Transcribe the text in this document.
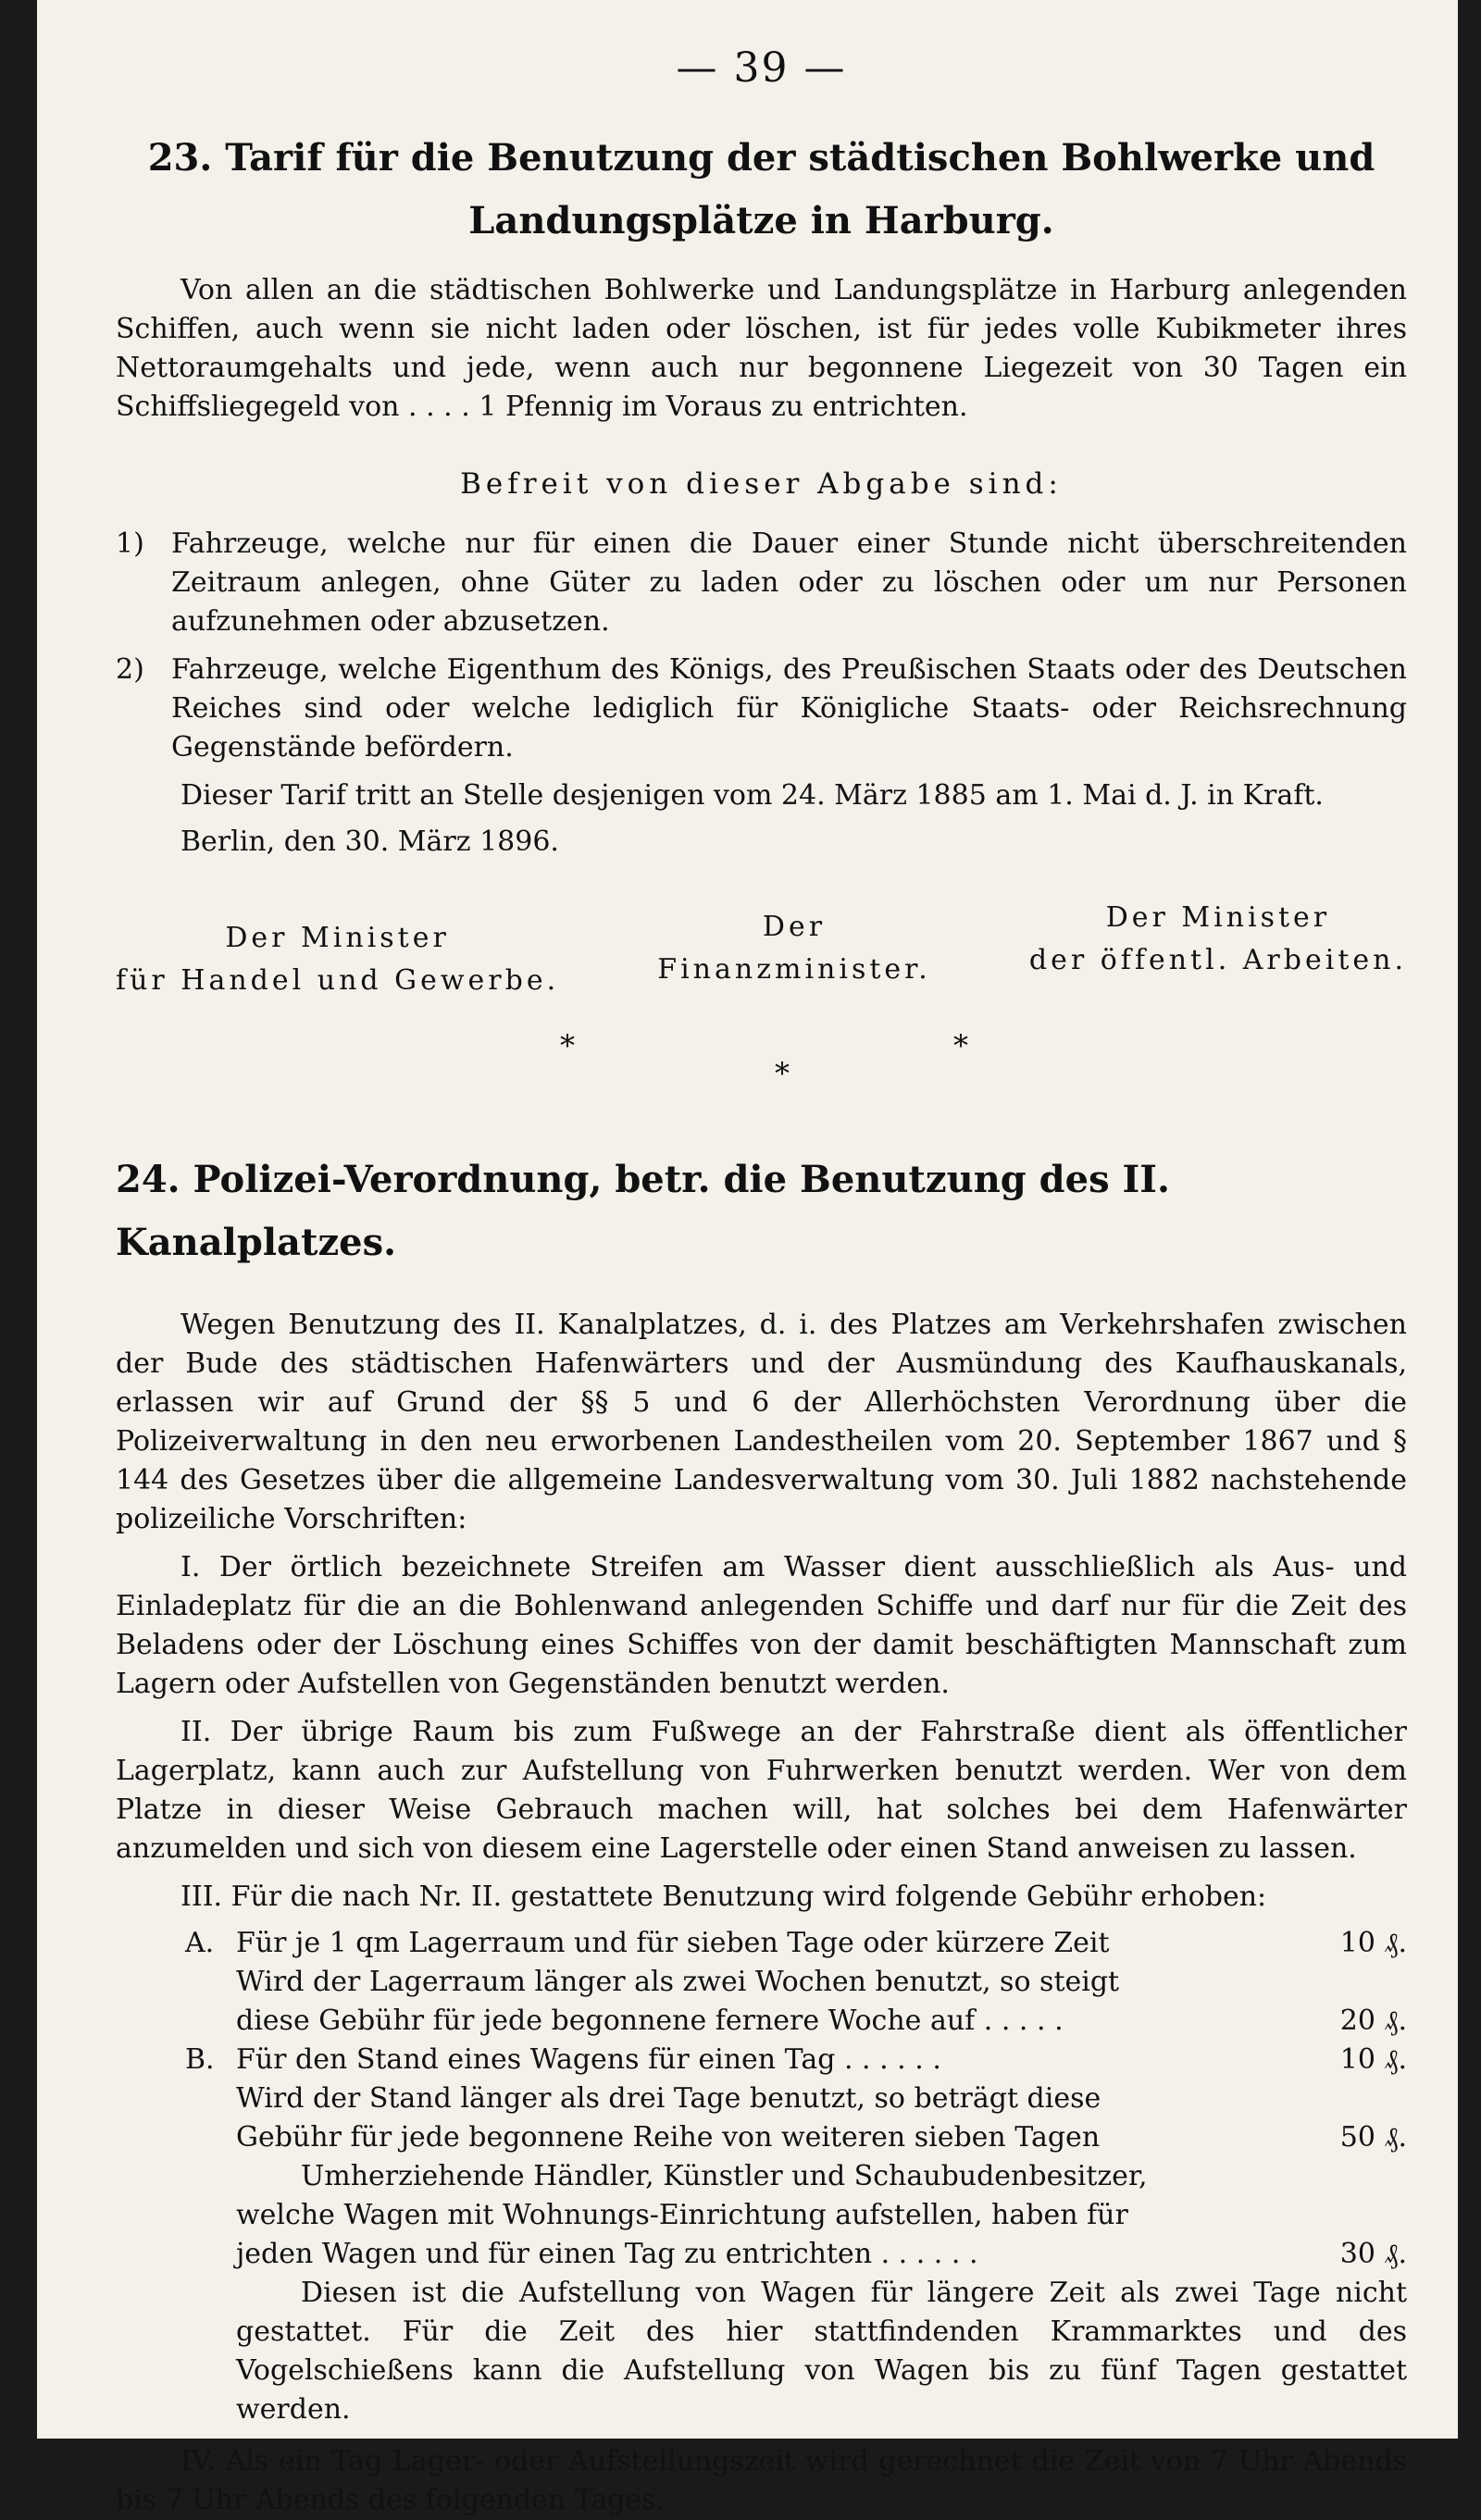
— 39 —
23. Tarif für die Benutzung der städtischen Bohlwerke und Landungsplätze in Harburg.

Von allen an die städtischen Bohlwerke und Landungsplätze in Harburg anlegenden Schiffen, auch wenn sie nicht laden oder löschen, ist für jedes volle Kubikmeter ihres Nettoraumgehalts und jede, wenn auch nur begonnene Liegezeit von 30 Tagen ein Schiffsliegegeld von . . . . 1 Pfennig im Voraus zu entrichten.

Befreit von dieser Abgabe sind:
1) Fahrzeuge, welche nur für einen die Dauer einer Stunde nicht überschreitenden Zeitraum anlegen, ohne Güter zu laden oder zu löschen oder um nur Personen aufzunehmen oder abzusetzen.

2) Fahrzeuge, welche Eigenthum des Königs, des Preußischen Staats oder des Deutschen Reiches sind oder welche lediglich für Königliche Staats- oder Reichsrechnung Gegenstände befördern.

Dieser Tarif tritt an Stelle desjenigen vom 24. März 1885 am 1. Mai d. J. in Kraft.

Berlin, den 30. März 1896.

Der Minister
für Handel und Gewerbe.
Der
Finanzminister.
Der Minister
der öffentl. Arbeiten.
*
*
*
24. Polizei-Verordnung, betr. die Benutzung des II. Kanalplatzes.

Wegen Benutzung des II. Kanalplatzes, d. i. des Platzes am Verkehrshafen zwischen der Bude des städtischen Hafenwärters und der Ausmündung des Kaufhauskanals, erlassen wir auf Grund der §§ 5 und 6 der Allerhöchsten Verordnung über die Polizeiverwaltung in den neu erworbenen Landestheilen vom 20. September 1867 und § 144 des Gesetzes über die allgemeine Landesverwaltung vom 30. Juli 1882 nachstehende polizeiliche Vorschriften:

I. Der örtlich bezeichnete Streifen am Wasser dient ausschließlich als Aus- und Einladeplatz für die an die Bohlenwand anlegenden Schiffe und darf nur für die Zeit des Beladens oder der Löschung eines Schiffes von der damit beschäftigten Mannschaft zum Lagern oder Aufstellen von Gegenständen benutzt werden.

II. Der übrige Raum bis zum Fußwege an der Fahrstraße dient als öffentlicher Lagerplatz, kann auch zur Aufstellung von Fuhrwerken benutzt werden. Wer von dem Platze in dieser Weise Gebrauch machen will, hat solches bei dem Hafenwärter anzumelden und sich von diesem eine Lagerstelle oder einen Stand anweisen zu lassen.

III. Für die nach Nr. II. gestattete Benutzung wird folgende Gebühr erhoben:

A. Für je 1 qm Lagerraum und für sieben Tage oder kürzere Zeit	10 ₰.
Wird der Lagerraum länger als zwei Wochen benutzt, so steigt
diese Gebühr für jede begonnene fernere Woche auf . . . . .	20 ₰.
B. Für den Stand eines Wagens für einen Tag . . . . . .	10 ₰.
Wird der Stand länger als drei Tage benutzt, so beträgt diese
Gebühr für jede begonnene Reihe von weiteren sieben Tagen	50 ₰.
Umherziehende Händler, Künstler und Schaubudenbesitzer,
welche Wagen mit Wohnungs-Einrichtung aufstellen, haben für
jeden Wagen und für einen Tag zu entrichten . . . . . .	30 ₰.

Diesen ist die Aufstellung von Wagen für längere Zeit als zwei Tage nicht gestattet. Für die Zeit des hier stattfindenden Krammarktes und des Vogelschießens kann die Aufstellung von Wagen bis zu fünf Tagen gestattet werden.

IV. Als ein Tag Lager- oder Aufstellungszeit wird gerechnet die Zeit von 7 Uhr Abends bis 7 Uhr Abends des folgenden Tages.
